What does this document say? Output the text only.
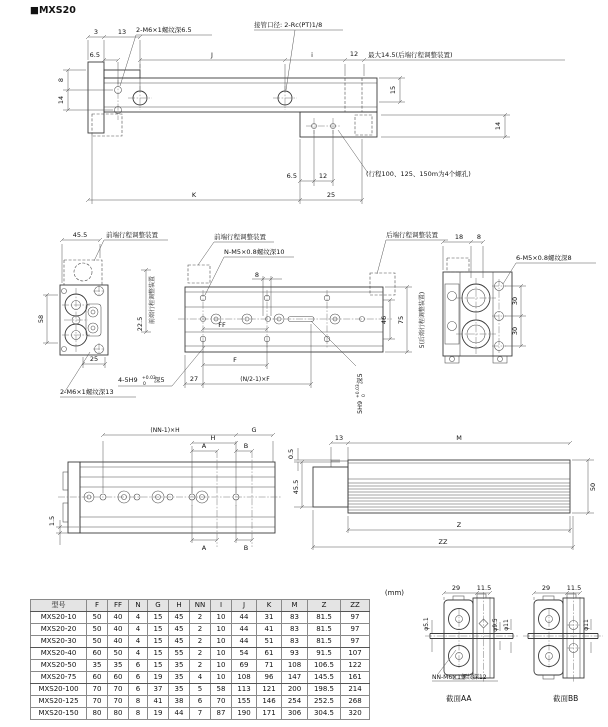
■MXS20
3	13 2-M6×1螺纹深6.5
6.5	J
接管口径: 2-Rc(PT)1/8
i	12 最大14.5(后端行程调整装置)
15
14
8
14
6.5	12
K	25
(行程100、125、150m为4个螺孔)
45.5	前端行程调整装置
58
25
2-M6×1螺纹深13
4-5H9 +0.03
0
深5
22.5 前端行程调整装置
前端行程调整装置
N-M5×0.8螺纹深10
8
FF
F
27	(N/2-1)×F
后端行程调整装置
46 75 5(后端行程调整装置)
5H9
+0.03 0
深5
18 8
6-M5×0.8螺纹深8
30
30
(NN-1)×H	G
H
A	B
A	B
1.5
13	M
0.5
45.5	50
Z
ZZ
(mm)
型号	F	FF	N	G	H	NN	I	J	K	M	Z	ZZ
MXS20-10	50	40	4	15	45	2	10	44	31	83	81.5	97
MXS20-20	50	40	4	15	45	2	10	44	41	83	81.5	97
MXS20-30	50	40	4	15	45	2	10	44	51	83	81.5	97
MXS20-40	60	50	4	15	55	2	10	54	61	93	91.5	107
MXS20-50	35	35	6	15	35	2	10	69	71	108	106.5	122
MXS20-75	60	60	6	19	35	4	10	108	96	147	145.5	161
MXS20-100	70	70	6	37	35	5	58	113	121	200	198.5	214
MXS20-125	70	70	8	41	38	6	70	155	146	254	252.5	268
MXS20-150	80	80	8	19	44	7	87	190	171	306	304.5	320
29	11.5
φ5.1	φ9.5 φ11
NN-M6×1螺纹深12
截面AA
29	11.5
φ11
截面BB
